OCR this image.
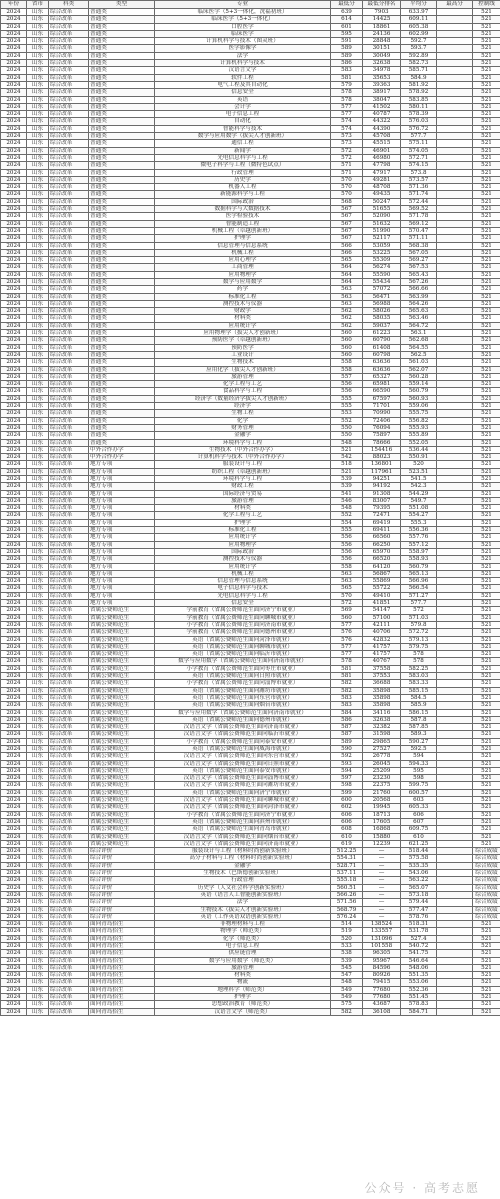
年份	省市	科类	类型	专业	最低分	最低分排名	平均分	最高分	控制线
2024	山东	综合改革	普通类	临床医学（5+3一体化，洗福初班）	639	7903	633.97		521
2024	山东	综合改革	普通类	临床医学（5+3一体化）	614	14425	609.11		521
2024	山东	综合改革	普通类	口腔医学	601	18861	605.38		521
2024	山东	综合改革	普通类	临床医学	595	24136	602.99		521
2024	山东	综合改革	普通类	计算机科学与技术（图灵班）	591	28848	592.7		521
2024	山东	综合改革	普通类	医学影像学	589	30151	593.7		521
2024	山东	综合改革	普通类	法学	589	30049	592.89		521
2024	山东	综合改革	普通类	计算机科学与技术	586	32638	582.73		521
2024	山东	综合改革	普通类	汉语言文学	583	34978	585.71		521
2024	山东	综合改革	普通类	软件工程	581	35653	584.9		521
2024	山东	综合改革	普通类	电气工程及其自动化	579	39363	581.92		521
2024	山东	综合改革	普通类	信息安全	578	38917	578.92		521
2024	山东	综合改革	普通类	英语	578	38047	583.85		521
2024	山东	综合改革	普通类	会计学	577	41502	580.11		521
2024	山东	综合改革	普通类	电子信息工程	577	40787	578.39		521
2024	山东	综合改革	普通类	自动化	574	44322	576.03		521
2024	山东	综合改革	普通类	智能科学与技术	574	44390	576.72		521
2024	山东	综合改革	普通类	数学与应用数学（拔尖人才创新班）	573	45708	577.7		521
2024	山东	综合改革	普通类	通信工程	573	45515	575.11		521
2024	山东	综合改革	普通类	新闻学	572	46901	574.05		521
2024	山东	综合改革	普通类	光电信息科学与工程	572	46980	572.71		521
2024	山东	综合改革	普通类	微电子科学与工程（微特色试点）	571	47798	574.15		521
2024	山东	综合改革	普通类	行政管理	571	47917	573.8		521
2024	山东	综合改革	普通类	历史学	570	49281	573.57		521
2024	山东	综合改革	普通类	机器人工程	570	48708	571.36		521
2024	山东	综合改革	普通类	新能源科学与工程	570	49435	571.74		521
2024	山东	综合改革	普通类	国际政治	568	50247	572.44		521
2024	山东	综合改革	普通类	数据科学与大数据技术	567	51655	569.52		521
2024	山东	综合改革	普通类	医学检验技术	567	52090	571.78		521
2024	山东	综合改革	普通类	智能制造工程	567	51632	569.12		521
2024	山东	综合改革	普通类	机械工程（卓越创新班）	567	51990	570.47		521
2024	山东	综合改革	普通类	护理学	567	52117	571.11		521
2024	山东	综合改革	普通类	信息管理与信息系统	566	53059	568.38		521
2024	山东	综合改革	普通类	机械工程	566	53225	567.05		521
2024	山东	综合改革	普通类	应用心理学	565	55309	569.27		521
2024	山东	综合改革	普通类	工商管理	564	56274	567.53		521
2024	山东	综合改革	普通类	应用物理学	564	55590	565.43		521
2024	山东	综合改革	普通类	数学与应用数学	564	55434	567.26		521
2024	山东	综合改革	普通类	药学	563	57072	566.66		521
2024	山东	综合改革	普通类	标准化工程	563	56471	563.99		521
2024	山东	综合改革	普通类	测控技术与仪器	563	56988	564.26		521
2024	山东	综合改革	普通类	财政学	562	58026	565.63		521
2024	山东	综合改革	普通类	材料类	562	58035	563.46		521
2024	山东	综合改革	普通类	应用统计学	562	59037	564.72		521
2024	山东	综合改革	普通类	应用物理学（拔尖人才创新班）	560	61223	563.1		521
2024	山东	综合改革	普通类	预防医学（卓越创新班）	560	60790	562.68		521
2024	山东	综合改革	普通类	预防医学	560	61408	564.55		521
2024	山东	综合改革	普通类	工业设计	560	60798	562.5		521
2024	山东	综合改革	普通类	生物技术	558	63636	561.03		521
2024	山东	综合改革	普通类	应用化学（拔尖人才创新班）	558	63636	562.07		521
2024	山东	综合改革	普通类	旅游管理	557	65327	560.28		521
2024	山东	综合改革	普通类	化学工程与工艺	556	65981	559.14		521
2024	山东	综合改革	普通类	食品科学与工程	556	66590	560.79		521
2024	山东	综合改革	普通类	经济学（数量经济学拔尖人才创新班）	555	67597	560.93		521
2024	山东	综合改革	普通类	经济学	555	71701	559.06		521
2024	山东	综合改革	普通类	生物工程	553	70990	555.75		521
2024	山东	综合改革	普通类	化学	552	72406	556.82		521
2024	山东	综合改革	普通类	财务管理	550	76094	555.93		521
2024	山东	综合改革	普通类	金融学	550	75897	555.89		521
2024	山东	综合改革	普通类	环境科学与工程	548	78666	552.05		521
2024	山东	综合改革	中外合作办学	生物技术（中外合作办学）	521	154416	536.44		521
2024	山东	综合改革	中外合作办学	计算机科学与技术（中外合作办学）	542	88023	550.91		521
2024	山东	综合改革	地方专项	服装设计与工程	518	136801	520		521
2024	山东	综合改革	地方专项	纺织工程（卓越创新班）	521	117961	523.51		521
2024	山东	综合改革	地方专项	环境科学与工程	539	94251	541.5		521
2024	山东	综合改革	地方专项	财政工程	539	94192	542.3		521
2024	山东	综合改革	地方专项	国际经济与贸易	541	91308	544.29		521
2024	山东	综合改革	地方专项	旅游管理	546	83007	549.7		521
2024	山东	综合改革	地方专项	材料类	548	79395	551.08		521
2024	山东	综合改革	地方专项	化学工程与工艺	552	72471	554.27		521
2024	山东	综合改革	地方专项	护理学	554	69419	555.3		521
2024	山东	综合改革	地方专项	标准化工程	555	69411	556.36		521
2024	山东	综合改革	地方专项	应用统计学	556	66560	557.76		521
2024	山东	综合改革	地方专项	应用物理学	556	66250	557.12		521
2024	山东	综合改革	地方专项	国际政治	556	65970	558.97		521
2024	山东	综合改革	地方专项	测控技术与仪器	556	66520	558.93		521
2024	山东	综合改革	地方专项	应用统计学	558	64120	560.79		521
2024	山东	综合改革	地方专项	机械工程	563	56867	565.13		521
2024	山东	综合改革	地方专项	信息管理与信息系统	563	55869	566.96		521
2024	山东	综合改革	地方专项	电子信息科学与技术	565	55722	566.54		521
2024	山东	综合改革	地方专项	光电信息科学与工程	570	49410	571.27		521
2024	山东	综合改革	地方专项	信息安全	572	41851	577.7		521
2024	山东	综合改革	省属公费师范生	学前教育（省属公费师范生面向济宁市就业）	569	54147	572		521
2024	山东	综合改革	省属公费师范生	学前教育（省属公费师范生面向聊城市就业）	560	57100	571.03		521
2024	山东	综合改革	省属公费师范生	小学教育（省属公费师范生面向济南市就业）	577	42111	579.8		521
2024	山东	综合改革	省属公费师范生	学前教育（省属公费师范生面向德州市就业）	576	40706	572.72		521
2024	山东	综合改革	省属公费师范生	英语（省属公费师范生面向菏泽市就业）	576	42832	579.13		521
2024	山东	综合改革	省属公费师范生	英语（省属公费师范生面向聊城市就业）	577	41757	579.75		521
2024	山东	综合改革	省属公费师范生	英语（省属公费师范生面向临沂市就业）	577	41757	578		521
2024	山东	综合改革	省属公费师范生	数学与应用数学（省属公费师范生面向济南市就业）	578	40767	578		521
2024	山东	综合改革	省属公费师范生	小学教育（省属公费师范生面向枣庄市就业）	581	37558	582.25		521
2024	山东	综合改革	省属公费师范生	英语（省属公费师范生面向日照市就业）	581	37553	583.03		521
2024	山东	综合改革	省属公费师范生	小学教育（省属公费师范生面向淄博市就业）	582	36688	583.33		521
2024	山东	综合改革	省属公费师范生	英语（省属公费师范生面向潍坊市就业）	582	35898	585.15		521
2024	山东	综合改革	省属公费师范生	英语（省属公费师范生面向东营市就业）	583	35898	584.5		521
2024	山东	综合改革	省属公费师范生	英语（省属公费师范生面向烟台市就业）	583	35898	585.9		521
2024	山东	综合改革	省属公费师范生	数学与应用数学（省属公费师范生面向济南市就业）	584	34116	586.15		521
2024	山东	综合改革	省属公费师范生	英语（省属公费师范生面向德州市就业）	586	32638	587.8		521
2024	山东	综合改革	省属公费师范生	汉语言文学（省属公费师范生面向济南市就业）	587	32382	587.85		521
2024	山东	综合改革	省属公费师范生	汉语言文学（省属公费师范生面向临沂市就业）	587	31598	589.3		521
2024	山东	综合改革	省属公费师范生	小学教育（省属公费师范生面向泰安市就业）	589	29865	590.27		521
2024	山东	综合改革	省属公费师范生	英语（省属公费师范生面向威海市就业）	590	27527	592.5		521
2024	山东	综合改革	省属公费师范生	汉语言文学（省属公费师范生面向东营市就业）	592	26778	594		521
2024	山东	综合改革	省属公费师范生	汉语言文学（省属公费师范生面向日照市就业）	593	26045	594.33		521
2024	山东	综合改革	省属公费师范生	英语（省属公费师范生面向泰安市就业）	594	25209	595		521
2024	山东	综合改革	省属公费师范生	汉语言文学（省属公费师范生面向淄博市就业）	597	23230	598		521
2024	山东	综合改革	省属公费师范生	汉语言文学（省属公费师范生面向潍坊市就业）	598	22375	599.75		521
2024	山东	综合改革	省属公费师范生	英语（省属公费师范生面向济宁市就业）	599	21760	600.57		521
2024	山东	综合改革	省属公费师范生	汉语言文学（省属公费师范生面向聊城市就业）	600	20568	603		521
2024	山东	综合改革	省属公费师范生	汉语言文学（省属公费师范生面向菏泽市就业）	602	19945	605.33		521
2024	山东	综合改革	省属公费师范生	小学教育（省属公费师范生面向济宁市就业）	606	18713	606		521
2024	山东	综合改革	省属公费师范生	英语（省属公费师范生面向滨州市就业）	606	17605	607		521
2024	山东	综合改革	省属公费师范生	英语（省属公费师范生面向青岛市就业）	608	16868	609.75		521
2024	山东	综合改革	省属公费师范生	汉语言文学（省属公费师范生面向烟台市就业）	610	15880	610		521
2024	山东	综合改革	省属公费师范生	汉语言文学（省属公费师范生面向济南市就业）	619	12239	621.25		521
2024	山东	综合改革	综合评价	服装设计与工程（材料时尚创新实验班）	512.25	—	518.44		综合成绩
2024	山东	综合改革	综合评价	高分子材料与工程（材料时尚创新实验班）	554.31	—	575.58		综合成绩
2024	山东	综合改革	综合评价	金融学	528.71	—	535.35		综合成绩
2024	山东	综合改革	综合评价	生物技术（巴斯德创新实验班）	537.11	—	543.06		综合成绩
2024	山东	综合改革	综合评价	行政管理	555.18	—	563.22		综合成绩
2024	山东	综合改革	综合评价	历史学（人文社会科学创新实验班）	560.51	—	565.07		综合成绩
2024	山东	综合改革	综合评价	英语（语言人工智能创新实验班）	566.26	—	573.18		综合成绩
2024	山东	综合改革	综合评价	法学	571.56	—	579.44		综合成绩
2024	山东	综合改革	综合评价	生物技术（拔尖人才创新实验班）	568.79	—	577.47		综合成绩
2024	山东	综合改革	综合评价	英语（工作英语双语创新实验班）	576.24	—	578.76		综合成绩
2024	山东	综合改革	面向青岛招生	非物理材料与工程	514	138524	518.31		521
2024	山东	综合改革	面向青岛招生	物理学（师范类）	519	133557	531.78		521
2024	山东	综合改革	面向青岛招生	化学（师范类）	520	131096	527.4		521
2024	山东	综合改革	面向青岛招生	电子信息工程	533	101558	540.72		521
2024	山东	综合改革	面向青岛招生	供应链管理	538	96305	541.75		521
2024	山东	综合改革	面向青岛招生	数学与应用数学（师范类）	539	95967	546.64		521
2024	山东	综合改革	面向青岛招生	旅游管理	545	84596	548.06		521
2024	山东	综合改革	面向青岛招生	材料类	547	80926	551.35		521
2024	山东	综合改革	面向青岛招生	物流	548	79415	553.06		521
2024	山东	综合改革	面向青岛招生	地理科学（师范类）	549	77680	552.36		521
2024	山东	综合改革	面向青岛招生	护理学	549	77680	551.45		521
2024	山东	综合改革	面向青岛招生	思想政治教育（师范类）	575	43687	578.83		521
2024	山东	综合改革	面向青岛招生	汉语言文学（师范类）	582	36108	584.71		521
公众号 · 高考志愿
